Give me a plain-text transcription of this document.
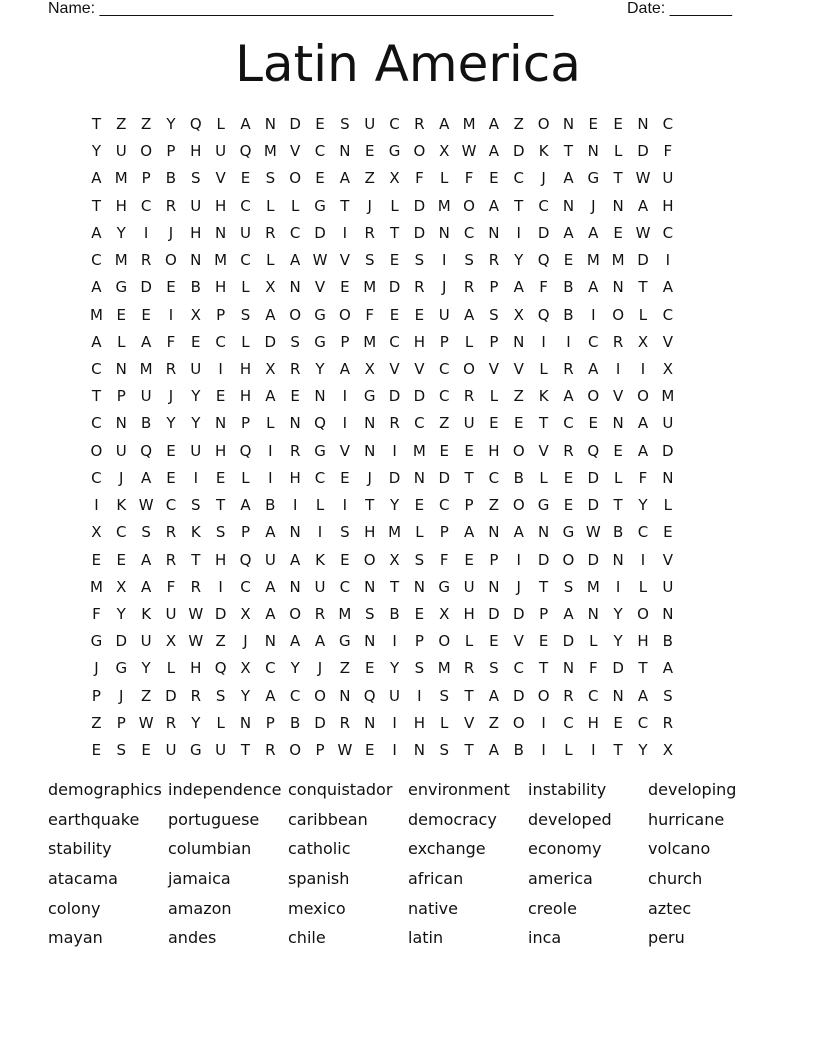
Name: ___________________________________________________	Date: _______
Latin America
T	Z Z	Y Q L	A N D E	S U C R A M A Z O N E	E N C
Y U O P H U Q M V C N E G O X W A D K	T N	L D F
A M P	B S V E	S O E A Z X	F	L	F	E C	J	A G T W U
T H C R U H C	L	L G T	J	L D M O A	T	C N	J	N A H
A	Y	I	J	H N U R C D	I	R	T D N C N	I	D A A E W C
C M R O N M C	L	A W V S	E	S	I	S R	Y Q E M M D	I
A G D E B H	L	X N V E M D R	J	R	P	A	F	B A N T	A
M E	E	I	X	P	S A O G O F	E	E U A S X Q B	I	O L	C
A	L	A	F	E C	L D S G P M C H P	L	P N	I	I	C R X V
C N M R U	I	H X R	Y	A X V V C O V V	L	R A	I	I	X
T	P U	J	Y	E H A E N	I	G D D C R	L	Z K A O V O M
C N B	Y	Y N P	L	N Q	I	N R C Z U E	E	T	C E N A U
O U Q E U H Q	I	R G V N	I	M E	E H O V R Q E A D
C	J	A E	I	E	L	I	H C E	J	D N D T	C B	L	E D L	F N
I	K W C S	T	A B	I	L	I	T	Y	E C	P	Z O G E D T	Y	L
X C S R K	S	P	A N	I	S H M L	P	A N A N G W B C E
E	E A R	T H Q U A K	E O X S	F	E	P	I	D O D N	I	V
M X A	F	R	I	C A N U C N T N G U N	J	T	S M	I	L	U
F	Y	K U W D X A O R M S B E X H D D P	A N Y O N
G D U X W Z	J	N A A G N	I	P O L	E V E D L	Y H B
J	G Y	L	H Q X C	Y	J	Z E	Y	S M R S C	T N F D T	A
P	J	Z D R S	Y	A C O N Q U	I	S	T	A D O R C N A S
Z	P W R	Y	L	N P	B D R N	I	H	L	V Z O	I	C H E C R
E	S	E U G U T	R O P W E	I	N S	T	A B	I	L	I	T	Y	X
demographics independence conquistador environment	instability	developing
earthquake	portuguese	caribbean	democracy	developed	hurricane
stability	columbian	catholic	exchange	economy	volcano
atacama	jamaica	spanish	african	america	church
colony	amazon	mexico	native	creole	aztec
mayan	andes	chile	latin	inca	peru
